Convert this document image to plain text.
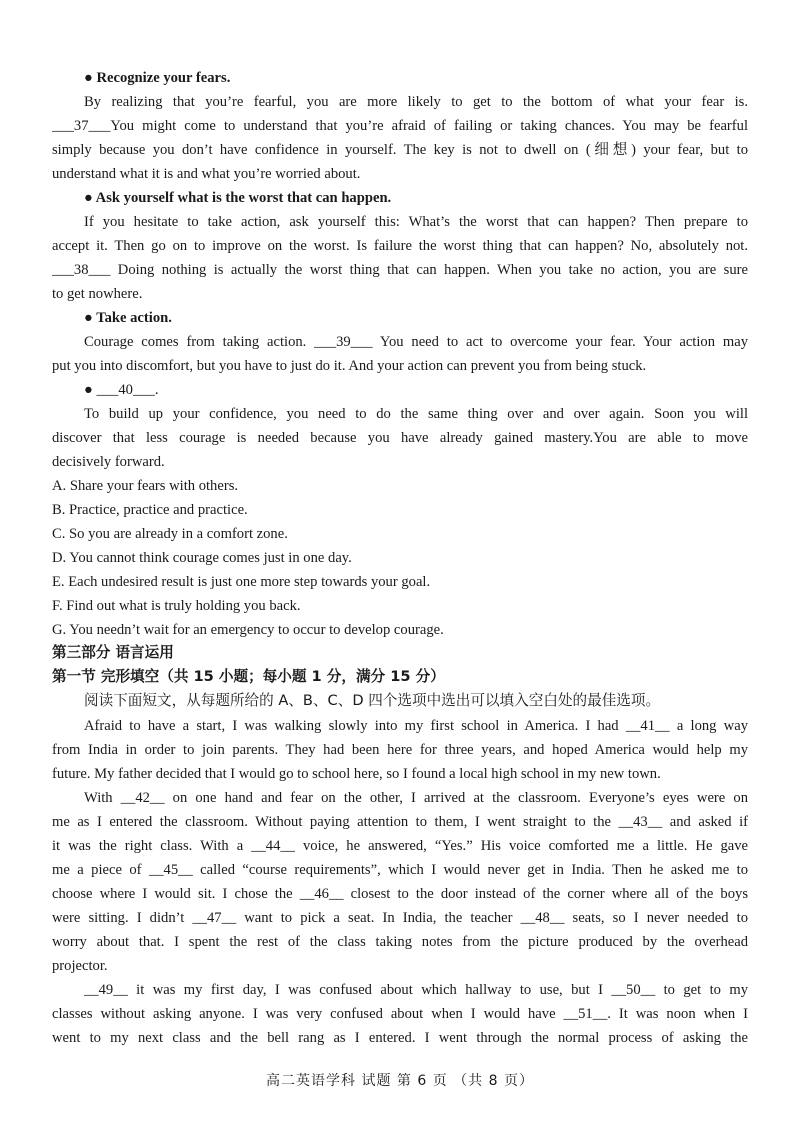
● Recognize your fears.
By realizing that you’re fearful, you are more likely to get to the bottom of what your fear is.
___37___You might come to understand that you’re afraid of failing or taking chances. You may be fearful
simply because you don’t have confidence in yourself. The key is not to dwell on (细想) your fear, but to
understand what it is and what you’re worried about.
● Ask yourself what is the worst that can happen.
If you hesitate to take action, ask yourself this: What’s the worst that can happen? Then prepare to
accept it. Then go on to improve on the worst. Is failure the worst thing that can happen? No, absolutely not.
___38___ Doing nothing is actually the worst thing that can happen. When you take no action, you are sure
to get nowhere.
● Take action.
Courage comes from taking action. ___39___ You need to act to overcome your fear. Your action may
put you into discomfort, but you have to just do it. And your action can prevent you from being stuck.
● ___40___.
To build up your confidence, you need to do the same thing over and over again. Soon you will
discover that less courage is needed because you have already gained mastery.You are able to move
decisively forward.
A. Share your fears with others.
B. Practice, practice and practice.
C. So you are already in a comfort zone.
D. You cannot think courage comes just in one day.
E. Each undesired result is just one more step towards your goal.
F. Find out what is truly holding you back.
G. You needn’t wait for an emergency to occur to develop courage.
第三部分 语言运用
第一节 完形填空（共 15 小题；每小题 1 分，满分 15 分）
阅读下面短文，从每题所给的 A、B、C、D 四个选项中选出可以填入空白处的最佳选项。
Afraid to have a start, I was walking slowly into my first school in America. I had __41__ a long way
from India in order to join parents. They had been here for three years, and hoped America would help my
future. My father decided that I would go to school here, so I found a local high school in my new town.
With __42__ on one hand and fear on the other, I arrived at the classroom. Everyone’s eyes were on
me as I entered the classroom. Without paying attention to them, I went straight to the __43__ and asked if
it was the right class. With a __44__ voice, he answered, “Yes.” His voice comforted me a little. He gave
me a piece of __45__ called “course requirements”, which I would never get in India. Then he asked me to
choose where I would sit. I chose the __46__ closest to the door instead of the corner where all of the boys
were sitting. I didn’t __47__ want to pick a seat. In India, the teacher __48__ seats, so I never needed to
worry about that. I spent the rest of the class taking notes from the picture produced by the overhead
projector.
__49__ it was my first day, I was confused about which hallway to use, but I __50__ to get to my
classes without asking anyone. I was very confused about when I would have __51__. It was noon when I
went to my next class and the bell rang as I entered. I went through the normal process of asking the
高二英语学科 试题 第 6 页 （共 8 页）
